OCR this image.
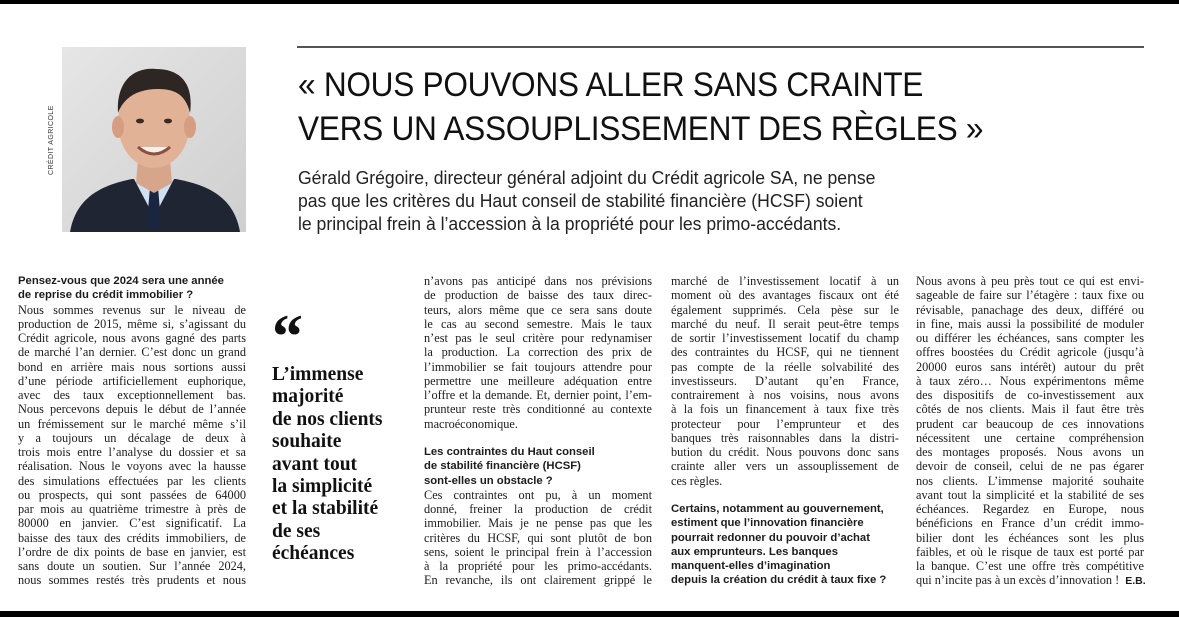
CRÉDIT AGRICOLE
« NOUS POUVONS ALLER SANS CRAINTE
VERS UN ASSOUPLISSEMENT DES RÈGLES »
Gérald Grégoire, directeur général adjoint du Crédit agricole SA, ne pense
pas que les critères du Haut conseil de stabilité financière (HCSF) soient
le principal frein à l’accession à la propriété pour les primo-accédants.
Pensez-vous que 2024 sera une année
de reprise du crédit immobilier ?
Nous sommes revenus sur le niveau de
production de 2015, même si, s’agissant du
Crédit agricole, nous avons gagné des parts
de marché l’an dernier. C’est donc un grand
bond en arrière mais nous sortions aussi
d’une période artificiellement euphorique,
avec des taux exceptionnellement bas.
Nous percevons depuis le début de l’année
un frémissement sur le marché même s’il
y a toujours un décalage de deux à
trois mois entre l’analyse du dossier et sa
réalisation. Nous le voyons avec la hausse
des simulations effectuées par les clients
ou prospects, qui sont passées de 64000
par mois au quatrième trimestre à près de
80000 en janvier. C’est significatif. La
baisse des taux des crédits immobiliers, de
l’ordre de dix points de base en janvier, est
sans doute un soutien. Sur l’année 2024,
nous sommes restés très prudents et nous
“
L’immense
majorité
de nos clients
souhaite
avant tout
la simplicité
et la stabilité
de ses
échéances
n’avons pas anticipé dans nos prévisions
de production de baisse des taux direc-
teurs, alors même que ce sera sans doute
le cas au second semestre. Mais le taux
n’est pas le seul critère pour redynamiser
la production. La correction des prix de
l’immobilier se fait toujours attendre pour
permettre une meilleure adéquation entre
l’offre et la demande. Et, dernier point, l’em-
prunteur reste très conditionné au contexte
macroéconomique.
Les contraintes du Haut conseil
de stabilité financière (HCSF)
sont-elles un obstacle ?
Ces contraintes ont pu, à un moment
donné, freiner la production de crédit
immobilier. Mais je ne pense pas que les
critères du HCSF, qui sont plutôt de bon
sens, soient le principal frein à l’accession
à la propriété pour les primo-accédants.
En revanche, ils ont clairement grippé le
marché de l’investissement locatif à un
moment où des avantages fiscaux ont été
également supprimés. Cela pèse sur le
marché du neuf. Il serait peut-être temps
de sortir l’investissement locatif du champ
des contraintes du HCSF, qui ne tiennent
pas compte de la réelle solvabilité des
investisseurs. D’autant qu’en France,
contrairement à nos voisins, nous avons
à la fois un financement à taux fixe très
protecteur pour l’emprunteur et des
banques très raisonnables dans la distri-
bution du crédit. Nous pouvons donc sans
crainte aller vers un assouplissement de
ces règles.
Certains, notamment au gouvernement,
estiment que l’innovation financière
pourrait redonner du pouvoir d’achat
aux emprunteurs. Les banques
manquent-elles d’imagination
depuis la création du crédit à taux fixe ?
Nous avons à peu près tout ce qui est envi-
sageable de faire sur l’étagère : taux fixe ou
révisable, panachage des deux, différé ou
in fine, mais aussi la possibilité de moduler
ou différer les échéances, sans compter les
offres boostées du Crédit agricole (jusqu’à
20000 euros sans intérêt) autour du prêt
à taux zéro… Nous expérimentons même
des dispositifs de co-investissement aux
côtés de nos clients. Mais il faut être très
prudent car beaucoup de ces innovations
nécessitent une certaine compréhension
des montages proposés. Nous avons un
devoir de conseil, celui de ne pas égarer
nos clients. L’immense majorité souhaite
avant tout la simplicité et la stabilité de ses
échéances. Regardez en Europe, nous
bénéficions en France d’un crédit immo-
bilier dont les échéances sont les plus
faibles, et où le risque de taux est porté par
la banque. C’est une offre très compétitive
qui n’incite pas à un excès d’innovation ! E.B.
